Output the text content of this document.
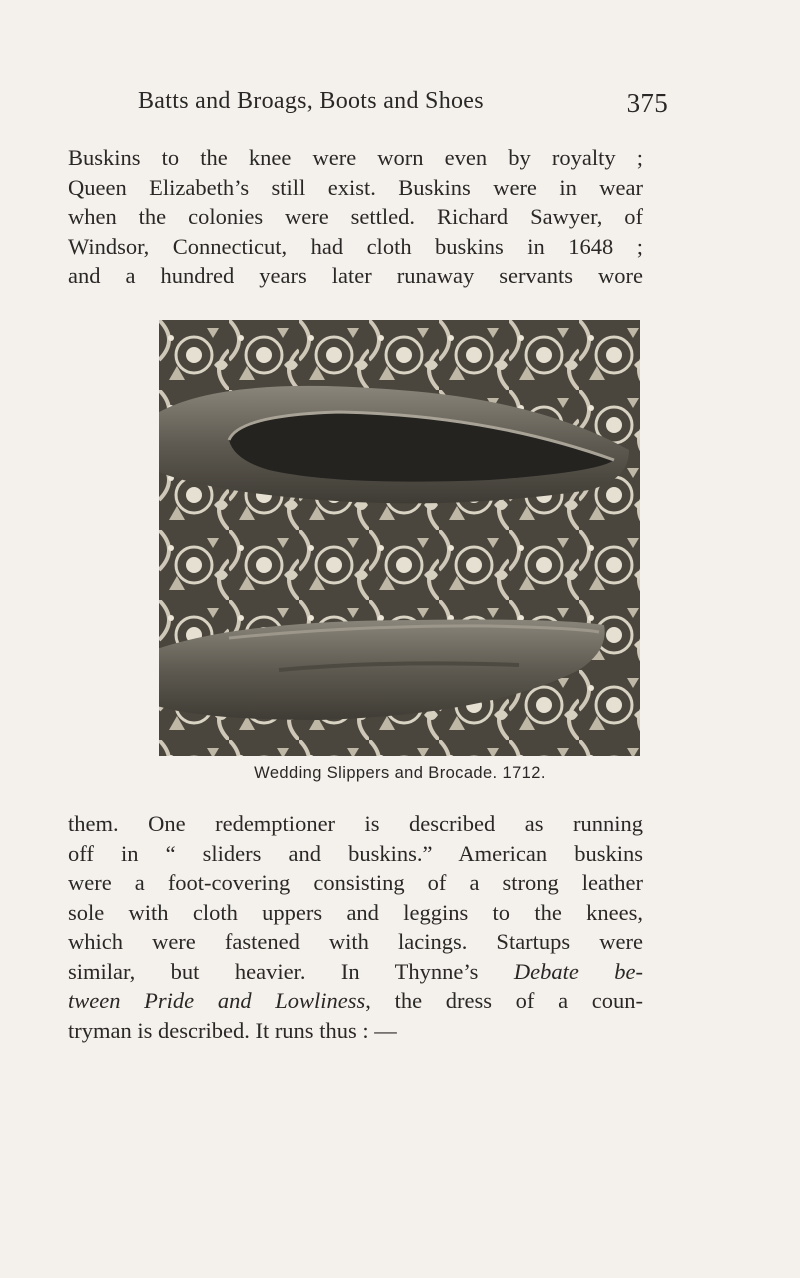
Batts and Broags, Boots and Shoes	375

Buskins to the knee were worn even by royalty ;
Queen Elizabeth’s still exist. Buskins were in wear
when the colonies were settled. Richard Sawyer, of
Windsor, Connecticut, had cloth buskins in 1648 ;
and a hundred years later runaway servants wore

Wedding Slippers and Brocade. 1712.

them. One redemptioner is described as running
off in “ sliders and buskins.” American buskins
were a foot-covering consisting of a strong leather
sole with cloth uppers and leggins to the knees,
which were fastened with lacings. Startups were
similar, but heavier. In Thynne’s Debate be-
tween Pride and Lowliness, the dress of a coun-
tryman is described. It runs thus : —
